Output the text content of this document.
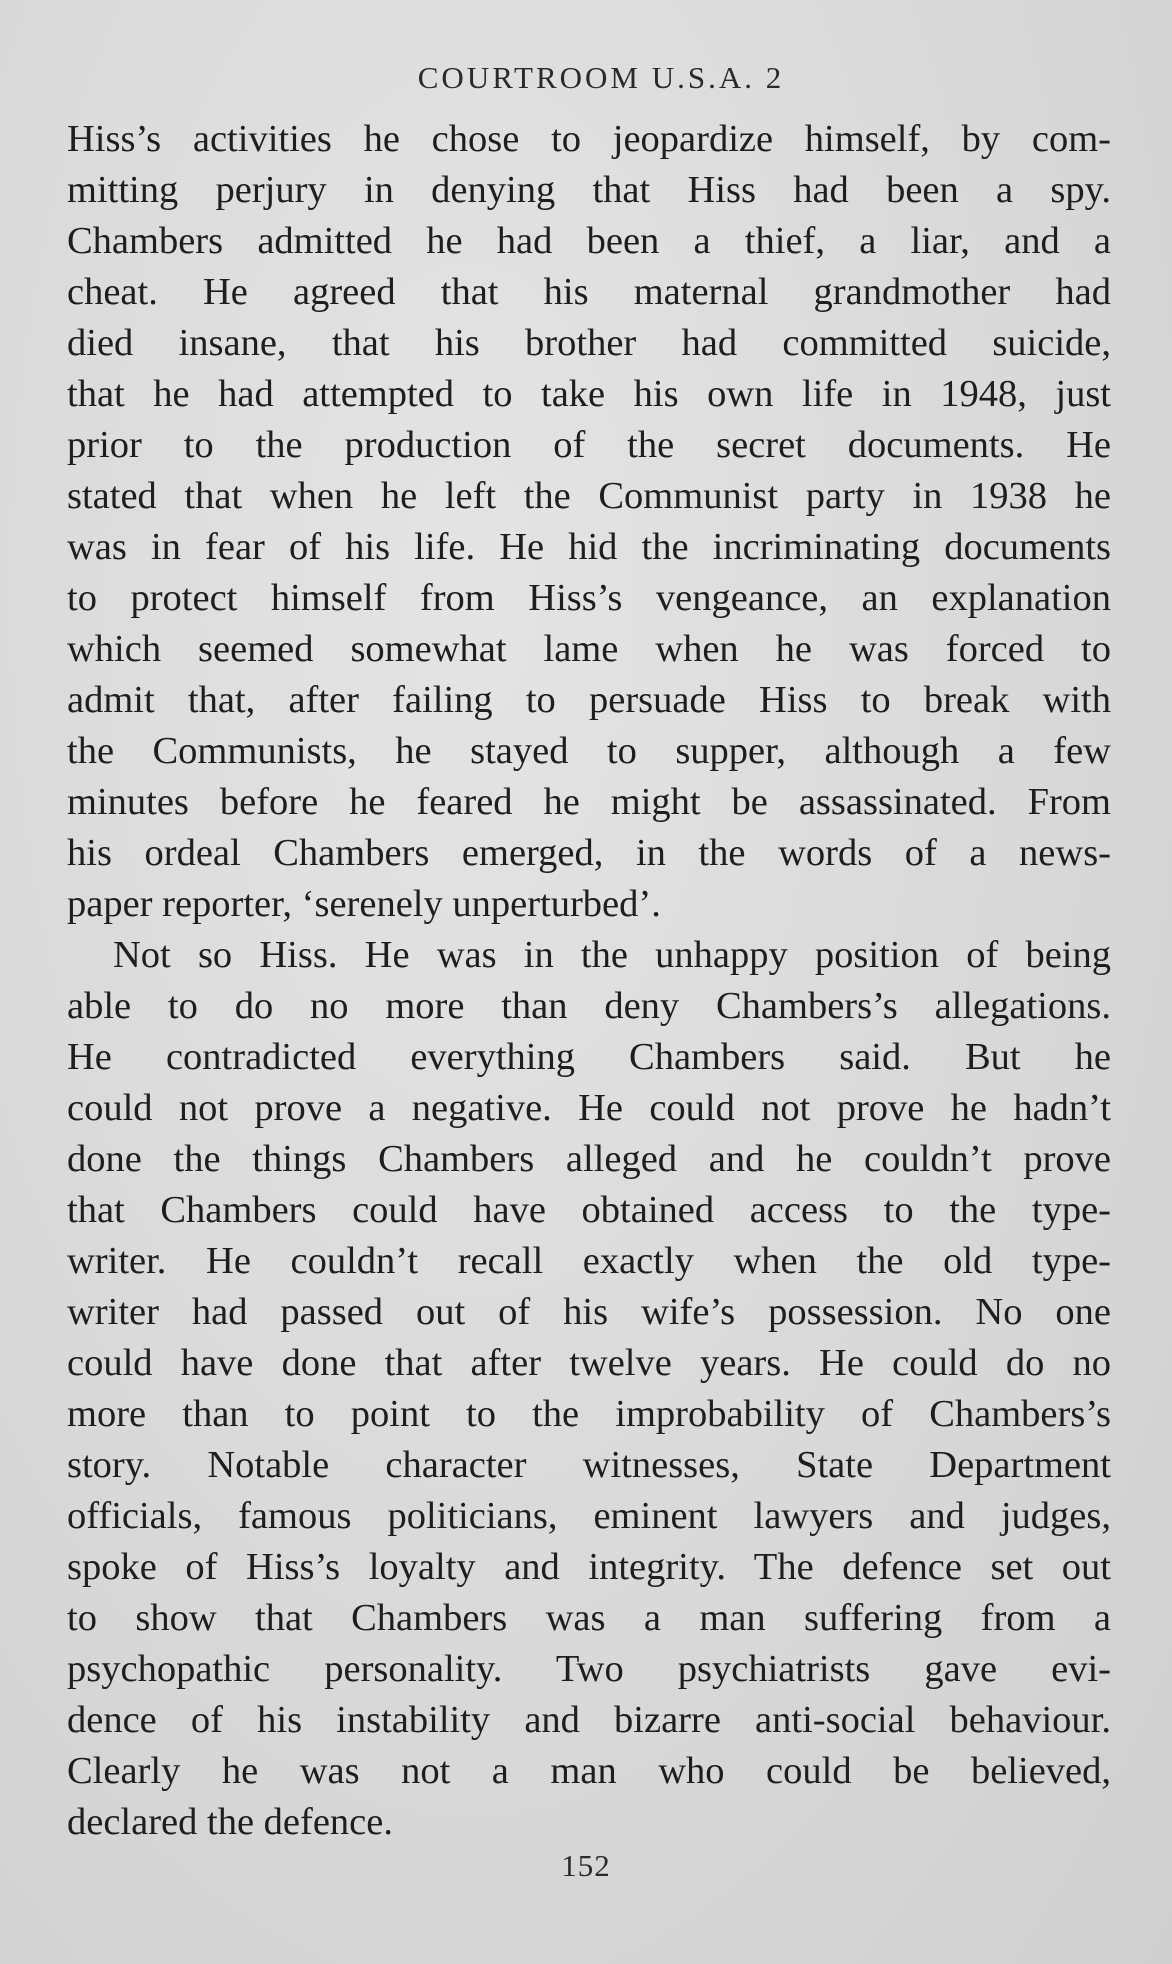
COURTROOM U.S.A. 2
Hiss’s activities he chose to jeopardize himself, by com-
mitting perjury in denying that Hiss had been a spy.
Chambers admitted he had been a thief, a liar, and a
cheat. He agreed that his maternal grandmother had
died insane, that his brother had committed suicide,
that he had attempted to take his own life in 1948, just
prior to the production of the secret documents. He
stated that when he left the Communist party in 1938 he
was in fear of his life. He hid the incriminating documents
to protect himself from Hiss’s vengeance, an explanation
which seemed somewhat lame when he was forced to
admit that, after failing to persuade Hiss to break with
the Communists, he stayed to supper, although a few
minutes before he feared he might be assassinated. From
his ordeal Chambers emerged, in the words of a news-
paper reporter, ‘serenely unperturbed’.
Not so Hiss. He was in the unhappy position of being
able to do no more than deny Chambers’s allegations.
He contradicted everything Chambers said. But he
could not prove a negative. He could not prove he hadn’t
done the things Chambers alleged and he couldn’t prove
that Chambers could have obtained access to the type-
writer. He couldn’t recall exactly when the old type-
writer had passed out of his wife’s possession. No one
could have done that after twelve years. He could do no
more than to point to the improbability of Chambers’s
story. Notable character witnesses, State Department
officials, famous politicians, eminent lawyers and judges,
spoke of Hiss’s loyalty and integrity. The defence set out
to show that Chambers was a man suffering from a
psychopathic personality. Two psychiatrists gave evi-
dence of his instability and bizarre anti-social behaviour.
Clearly he was not a man who could be believed,
declared the defence.
152
